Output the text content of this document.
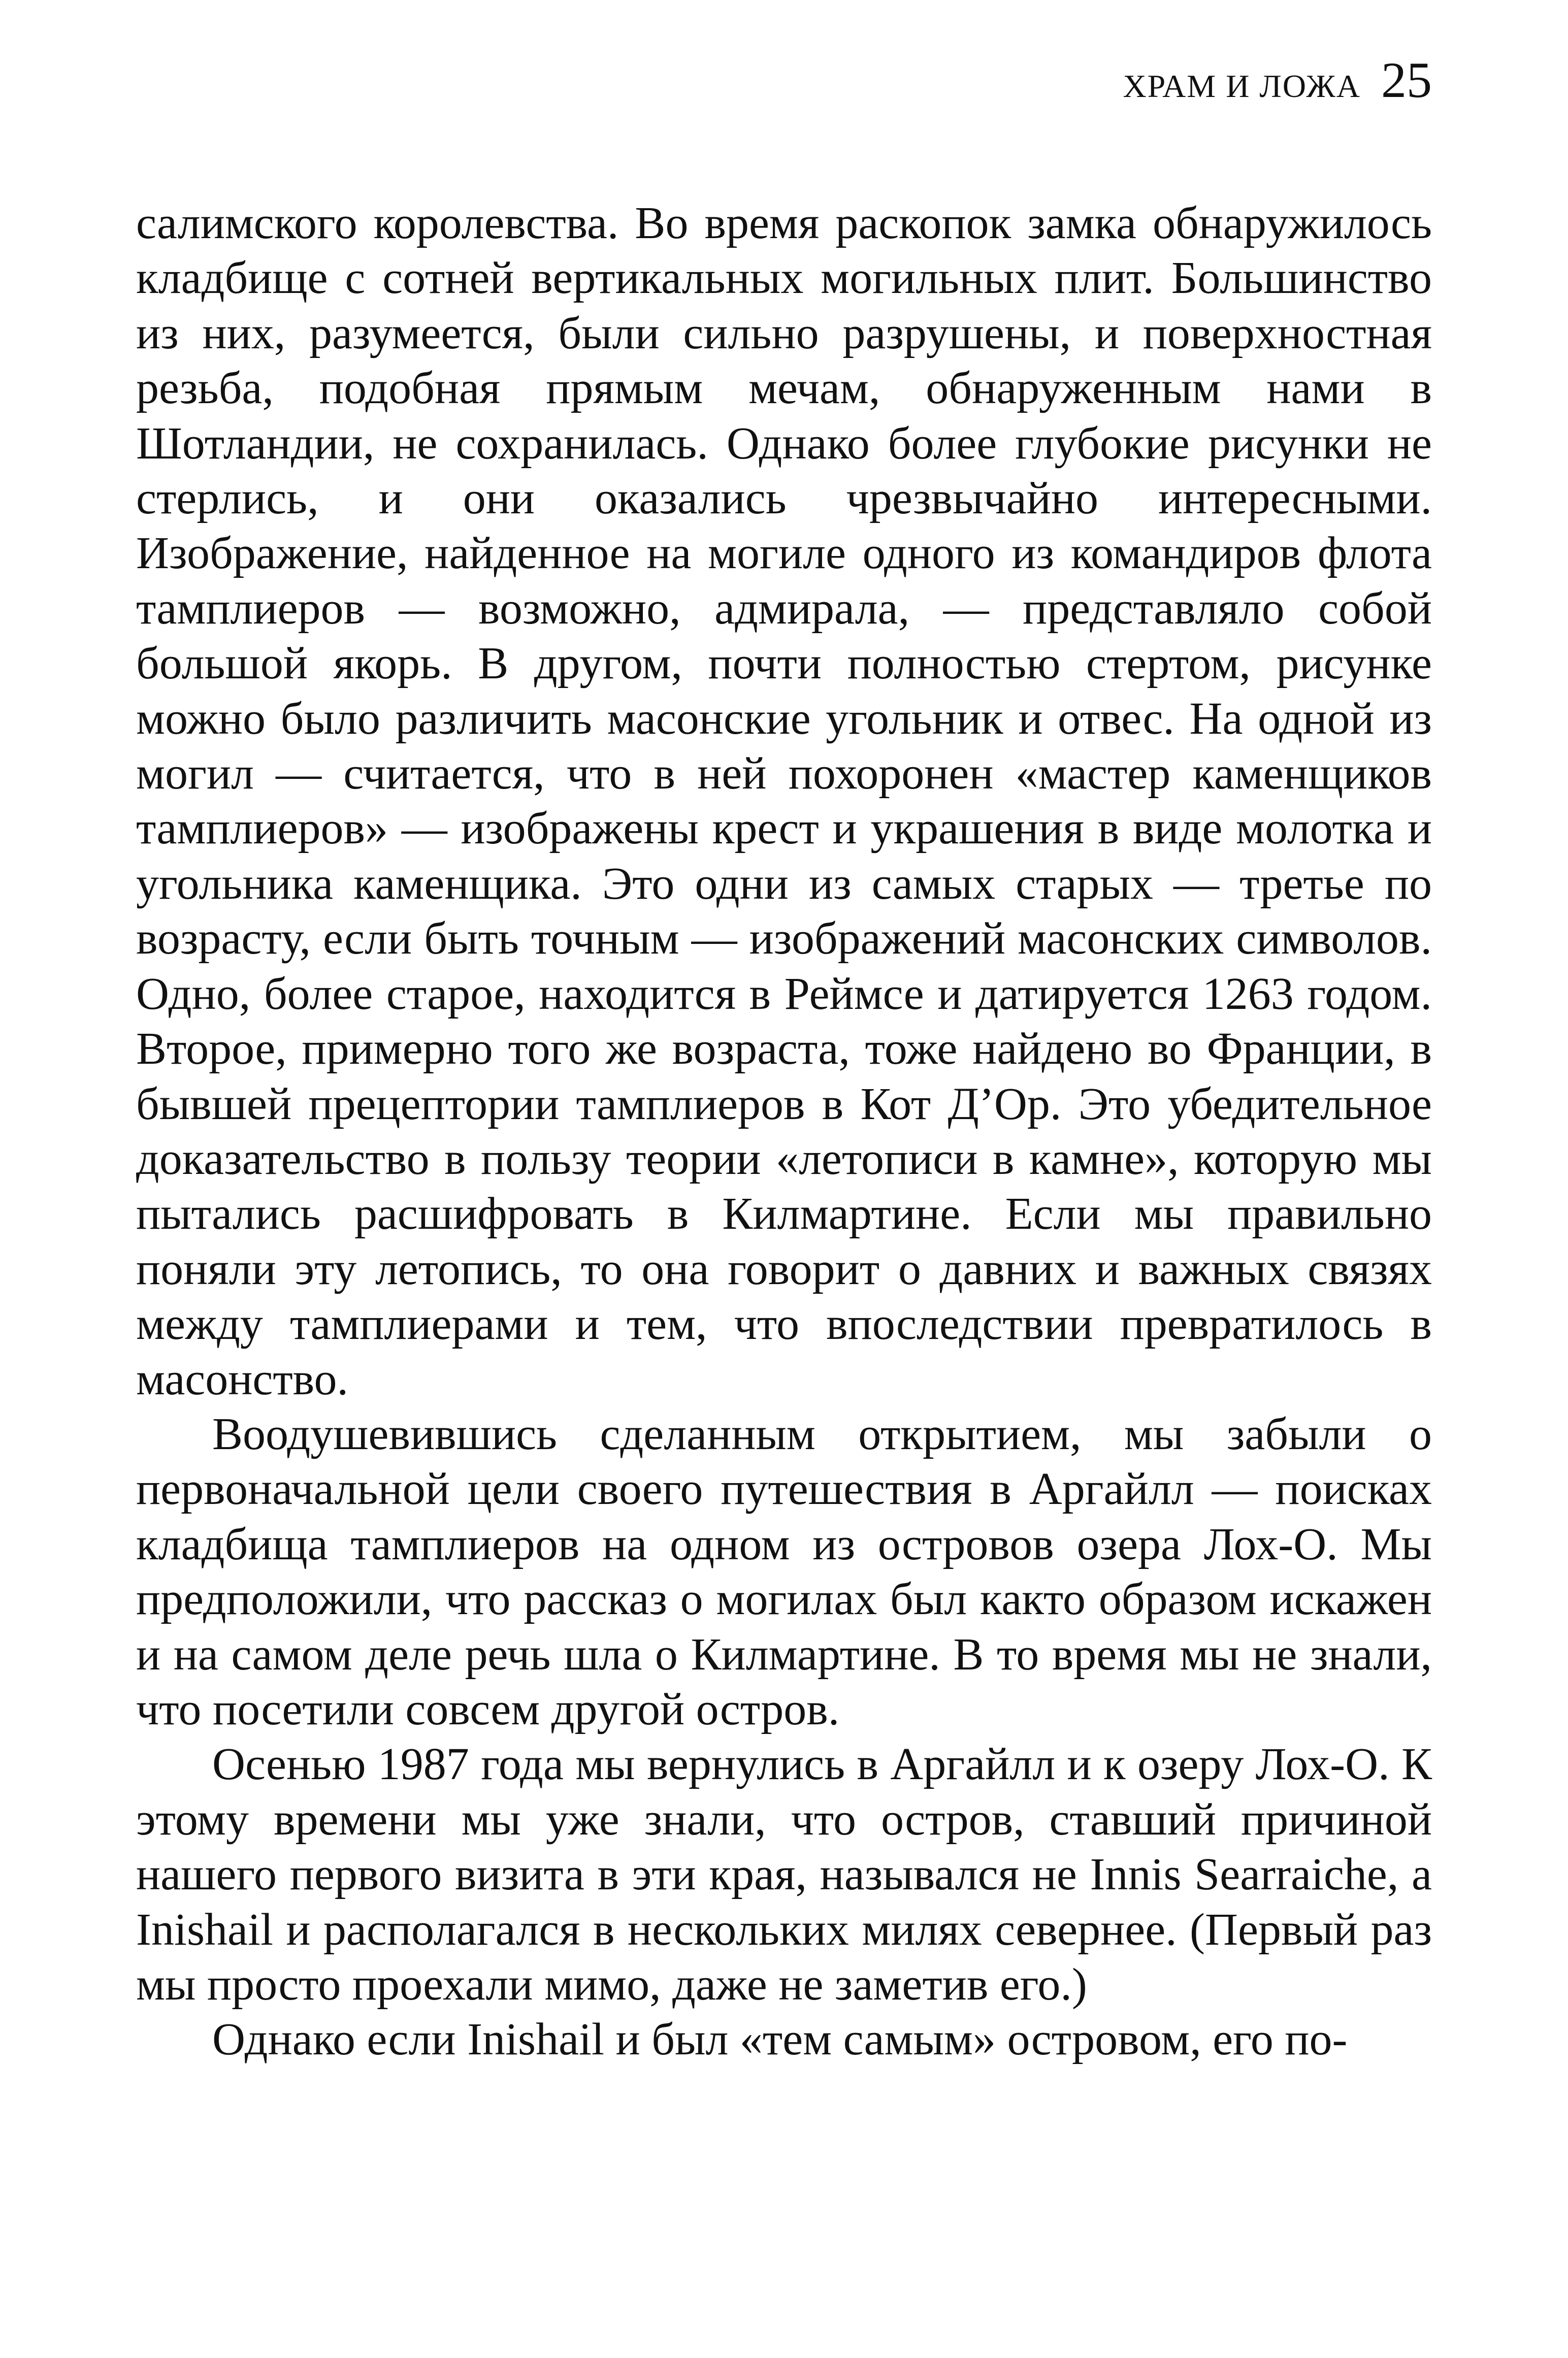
ХРАМ И ЛОЖА 25

салимского королевства. Во время раскопок замка обнаружилось кладбище с сотней вертикальных могильных плит. Большинство из них, разумеется, были сильно разрушены, и поверхностная резьба, подобная прямым мечам, обнаруженным нами в Шотландии, не сохранилась. Однако более глубокие рисунки не стерлись, и они оказались чрезвычайно интересными. Изображение, найденное на могиле одного из командиров флота тамплиеров — возможно, адмирала, — представляло собой большой якорь. В другом, почти полностью стертом, рисунке можно было различить масонские угольник и отвес. На одной из могил — считается, что в ней похоронен «мастер каменщиков тамплиеров» — изображены крест и украшения в виде молотка и угольника каменщика. Это одни из самых старых — третье по возрасту, если быть точным — изображений масонских символов. Одно, более старое, находится в Реймсе и датируется 1263 годом. Второе, примерно того же возраста, тоже найдено во Франции, в бывшей прецептории тамплиеров в Кот Д’Ор. Это убедительное доказательство в пользу теории «летописи в камне», которую мы пытались расшифровать в Килмартине. Если мы правильно поняли эту летопись, то она говорит о давних и важных связях между тамплиерами и тем, что впоследствии превратилось в масонство.

Воодушевившись сделанным открытием, мы забыли о первоначальной цели своего путешествия в Аргайлл — поисках кладбища тамплиеров на одном из островов озера Лох-О. Мы предположили, что рассказ о могилах был както образом искажен и на самом деле речь шла о Килмартине. В то время мы не знали, что посетили совсем другой остров.

Осенью 1987 года мы вернулись в Аргайлл и к озеру Лох-О. К этому времени мы уже знали, что остров, ставший причиной нашего первого визита в эти края, назывался не Innis Searraiche, а Inishail и располагался в нескольких милях севернее. (Первый раз мы просто проехали мимо, даже не заметив его.)

Однако если Inishail и был «тем самым» островом, его по-
